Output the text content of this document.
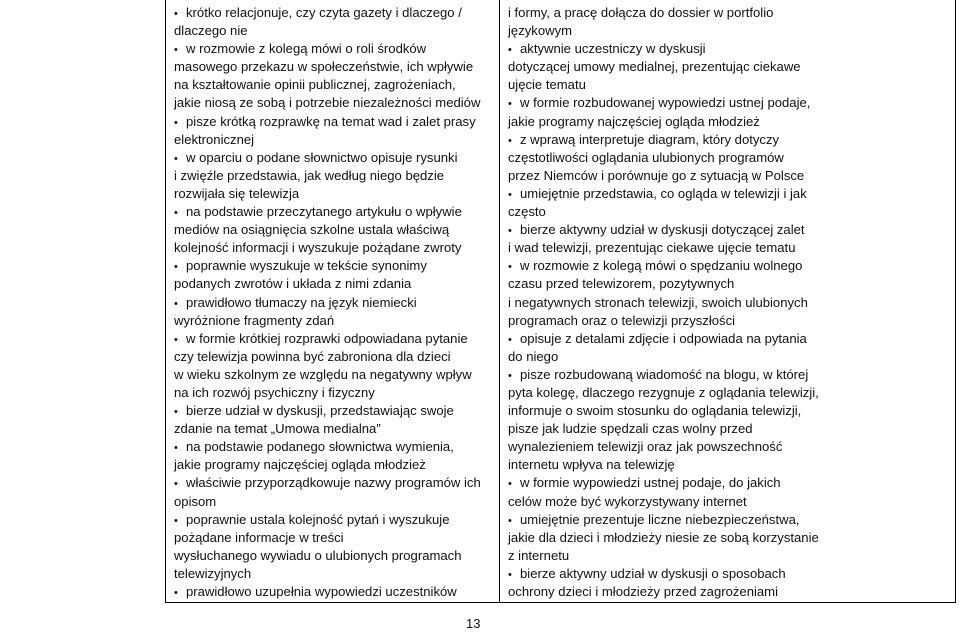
• krótko relacjonuje, czy czyta gazety i dlaczego /
dlaczego nie
• w rozmowie z kolegą mówi o roli środków
masowego przekazu w społeczeństwie, ich wpływie
na kształtowanie opinii publicznej, zagrożeniach,
jakie niosą ze sobą i potrzebie niezależności mediów
• pisze krótką rozprawkę na temat wad i zalet prasy
elektronicznej
• w oparciu o podane słownictwo opisuje rysunki
i zwięźle przedstawia, jak według niego będzie
rozwijała się telewizja
• na podstawie przeczytanego artykułu o wpływie
mediów na osiągnięcia szkolne ustala właściwą
kolejność informacji i wyszukuje pożądane zwroty
• poprawnie wyszukuje w tekście synonimy
podanych zwrotów i układa z nimi zdania
• prawidłowo tłumaczy na język niemiecki
wyróżnione fragmenty zdań
• w formie krótkiej rozprawki odpowiadana pytanie
czy telewizja powinna być zabroniona dla dzieci
w wieku szkolnym ze względu na negatywny wpływ
na ich rozwój psychiczny i fizyczny
• bierze udział w dyskusji, przedstawiając swoje
zdanie na temat „Umowa medialna”
• na podstawie podanego słownictwa wymienia,
jakie programy najczęściej ogląda młodzież
• właściwie przyporządkowuje nazwy programów ich
opisom
• poprawnie ustala kolejność pytań i wyszukuje
pożądane informacje w treści
wysłuchanego wywiadu o ulubionych programach
telewizyjnych
• prawidłowo uzupełnia wypowiedzi uczestników
i formy, a pracę dołącza do dossier w portfolio
językowym
• aktywnie uczestniczy w dyskusji
dotyczącej umowy medialnej, prezentując ciekawe
ujęcie tematu
• w formie rozbudowanej wypowiedzi ustnej podaje,
jakie programy najczęściej ogląda młodzież
• z wprawą interpretuje diagram, który dotyczy
częstotliwości oglądania ulubionych programów
przez Niemców i porównuje go z sytuacją w Polsce
• umiejętnie przedstawia, co ogląda w telewizji i jak
często
• bierze aktywny udział w dyskusji dotyczącej zalet
i wad telewizji, prezentując ciekawe ujęcie tematu
• w rozmowie z kolegą mówi o spędzaniu wolnego
czasu przed telewizorem, pozytywnych
i negatywnych stronach telewizji, swoich ulubionych
programach oraz o telewizji przyszłości
• opisuje z detalami zdjęcie i odpowiada na pytania
do niego
• pisze rozbudowaną wiadomość na blogu, w której
pyta kolegę, dlaczego rezygnuje z oglądania telewizji,
informuje o swoim stosunku do oglądania telewizji,
pisze jak ludzie spędzali czas wolny przed
wynalezieniem telewizji oraz jak powszechność
internetu wpłyva na telewizję
• w formie wypowiedzi ustnej podaje, do jakich
celów może być wykorzystywany internet
• umiejętnie prezentuje liczne niebezpieczeństwa,
jakie dla dzieci i młodzieży niesie ze sobą korzystanie
z internetu
• bierze aktywny udział w dyskusji o sposobach
ochrony dzieci i młodzieży przed zagrożeniami
13
